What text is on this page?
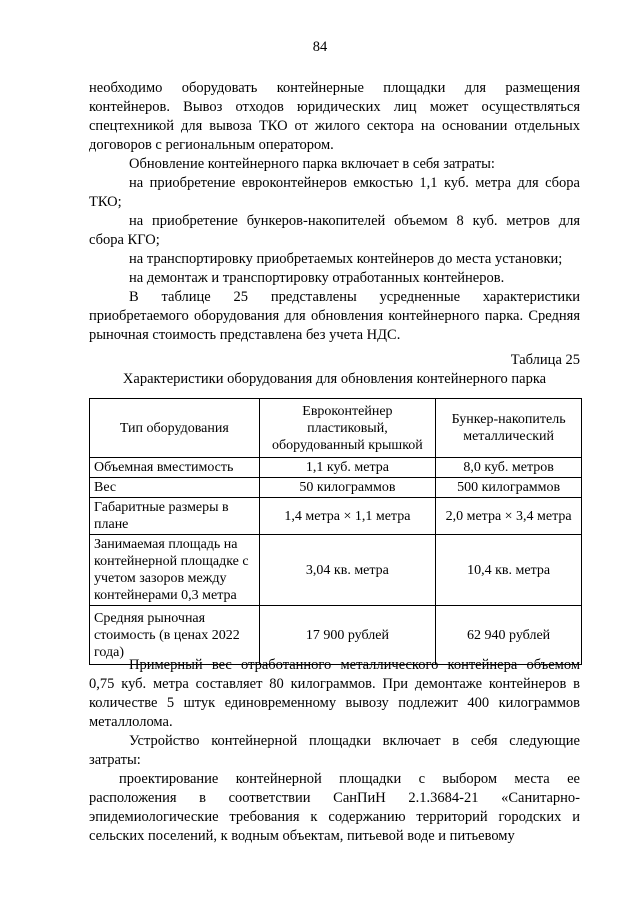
84

необходимо оборудовать контейнерные площадки для размещения контейнеров. Вывоз отходов юридических лиц может осуществляться спецтехникой для вывоза ТКО от жилого сектора на основании отдельных договоров с региональным оператором.

Обновление контейнерного парка включает в себя затраты:

на приобретение евроконтейнеров емкостью 1,1 куб. метра для сбора ТКО;

на приобретение бункеров-накопителей объемом 8 куб. метров для сбора КГО;

на транспортировку приобретаемых контейнеров до места установки;

на демонтаж и транспортировку отработанных контейнеров.

В таблице 25 представлены усредненные характеристики приобретаемого оборудования для обновления контейнерного парка. Средняя рыночная стоимость представлена без учета НДС.

Таблица 25
Характеристики оборудования для обновления контейнерного парка
Тип оборудования	Евроконтейнер пластиковый, оборудованный крышкой	Бункер-накопитель металлический
Объемная вместимость	1,1 куб. метра	8,0 куб. метров
Вес	50 килограммов	500 килограммов
Габаритные размеры в плане	1,4 метра × 1,1 метра	2,0 метра × 3,4 метра
Занимаемая площадь на контейнерной площадке с учетом зазоров между контейнерами 0,3 метра	3,04 кв. метра	10,4 кв. метра
Средняя рыночная стоимость (в ценах 2022 года)	17 900 рублей	62 940 рублей

Примерный вес отработанного металлического контейнера объемом 0,75 куб. метра составляет 80 килограммов. При демонтаже контейнеров в количестве 5 штук единовременному вывозу подлежит 400 килограммов металлолома.

Устройство контейнерной площадки включает в себя следующие затраты:

проектирование контейнерной площадки с выбором места ее расположения в соответствии СанПиН 2.1.3684-21 «Санитарно-эпидемиологические требования к содержанию территорий городских и сельских поселений, к водным объектам, питьевой воде и питьевому
